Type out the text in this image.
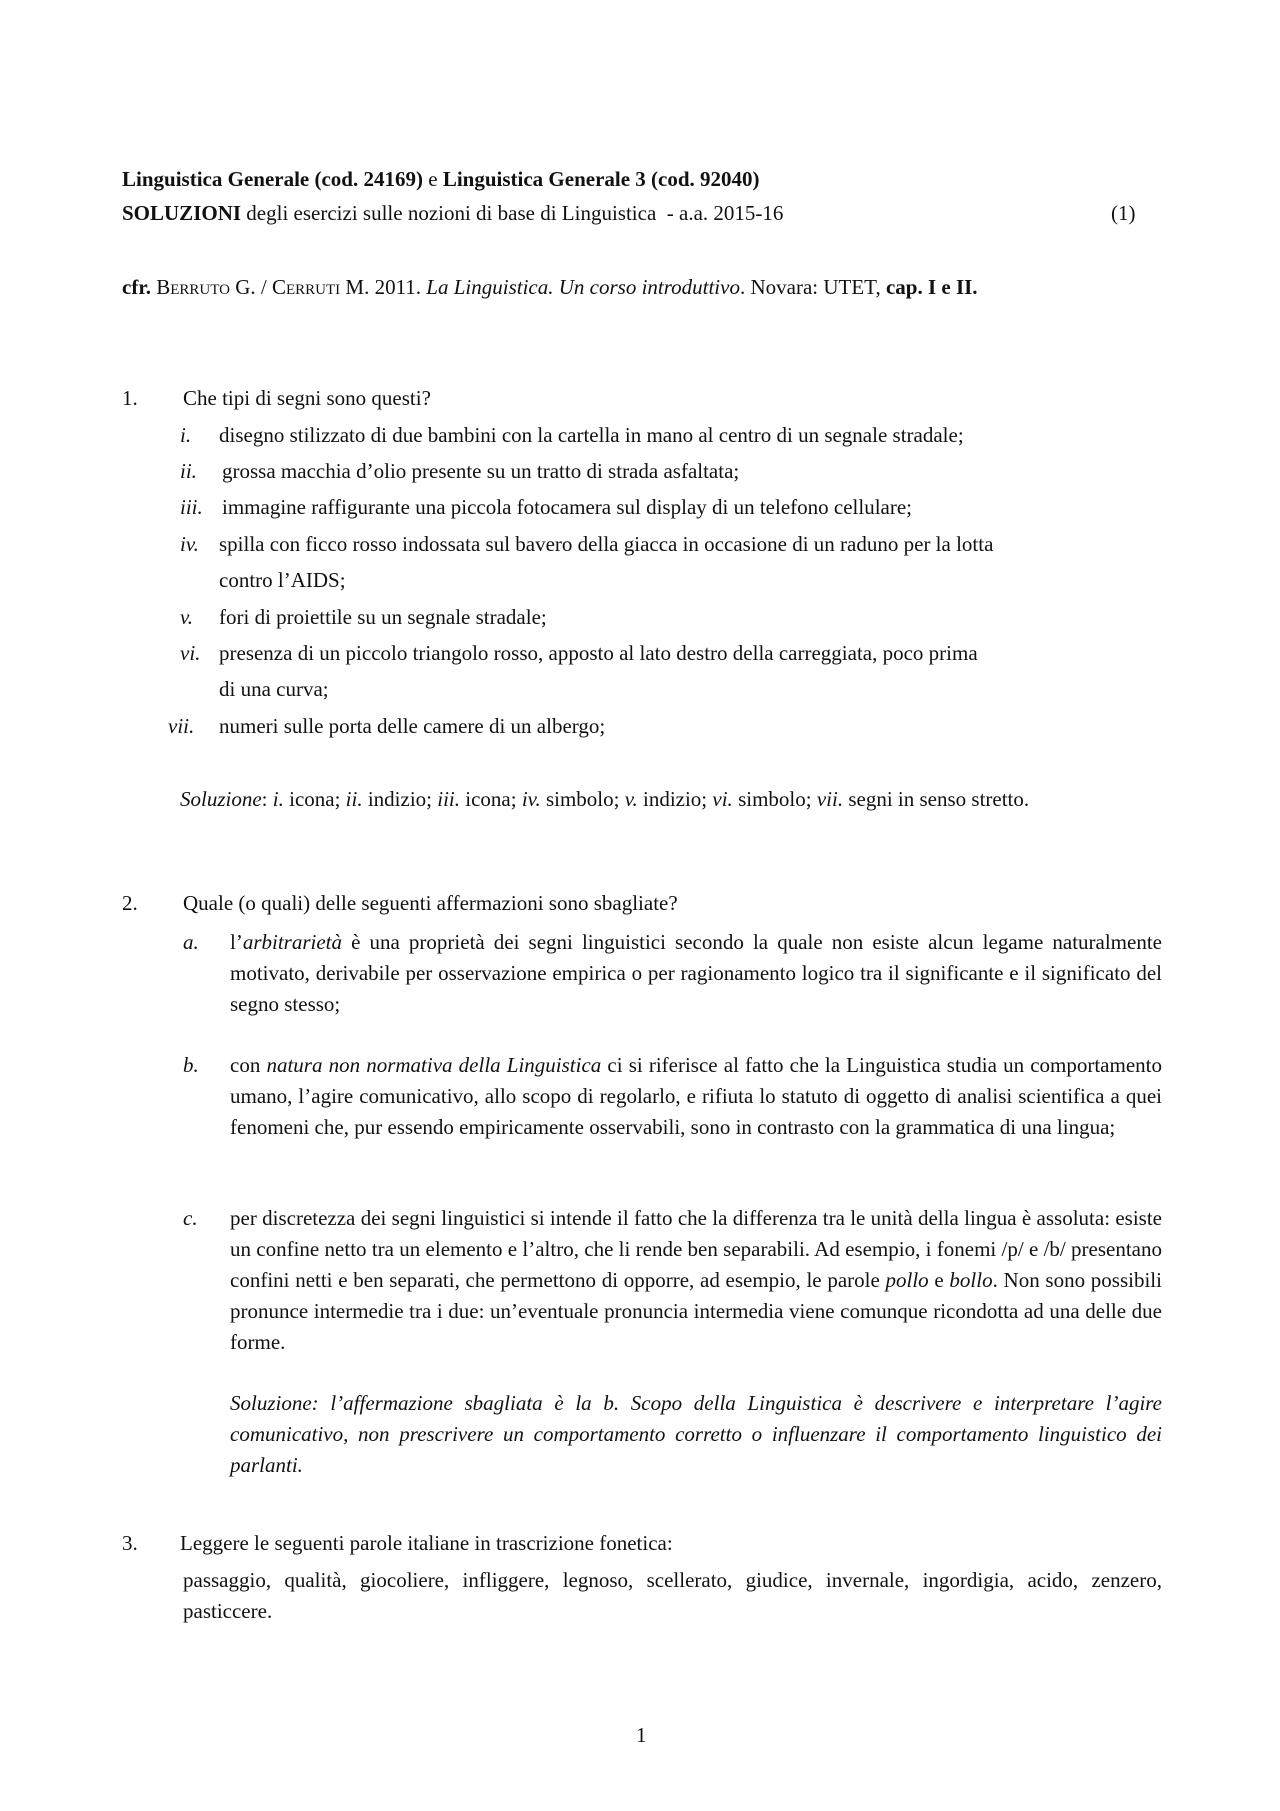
Linguistica Generale (cod. 24169) e Linguistica Generale 3 (cod. 92040)
SOLUZIONI degli esercizi sulle nozioni di base di Linguistica  - a.a. 2015-16	(1)
cfr. Berruto G. / Cerruti M. 2011. La Linguistica. Un corso introduttivo. Novara: UTET, cap. I e II.
1. Che tipi di segni sono questi?
i. disegno stilizzato di due bambini con la cartella in mano al centro di un segnale stradale;
ii. grossa macchia d’olio presente su un tratto di strada asfaltata;
iii. immagine raffigurante una piccola fotocamera sul display di un telefono cellulare;
iv. spilla con ficco rosso indossata sul bavero della giacca in occasione di un raduno per la lotta
contro l’AIDS;
v. fori di proiettile su un segnale stradale;
vi. presenza di un piccolo triangolo rosso, apposto al lato destro della carreggiata, poco prima
di una curva;
vii. numeri sulle porta delle camere di un albergo;
Soluzione: i. icona; ii. indizio; iii. icona; iv. simbolo; v. indizio; vi. simbolo; vii. segni in senso stretto.
2. Quale (o quali) delle seguenti affermazioni sono sbagliate?
a. l’arbitrarietà è una proprietà dei segni linguistici secondo la quale non esiste alcun legame naturalmente motivato, derivabile per osservazione empirica o per ragionamento logico tra il significante e il significato del segno stesso;
b. con natura non normativa della Linguistica ci si riferisce al fatto che la Linguistica studia un comportamento umano, l’agire comunicativo, allo scopo di regolarlo, e rifiuta lo statuto di oggetto di analisi scientifica a quei fenomeni che, pur essendo empiricamente osservabili, sono in contrasto con la grammatica di una lingua;
c. per discretezza dei segni linguistici si intende il fatto che la differenza tra le unità della lingua è assoluta: esiste un confine netto tra un elemento e l’altro, che li rende ben separabili. Ad esempio, i fonemi /p/ e /b/ presentano confini netti e ben separati, che permettono di opporre, ad esempio, le parole pollo e bollo. Non sono possibili pronunce intermedie tra i due: un’eventuale pronuncia intermedia viene comunque ricondotta ad una delle due forme.
Soluzione: l’affermazione sbagliata è la b. Scopo della Linguistica è descrivere e interpretare l’agire comunicativo, non prescrivere un comportamento corretto o influenzare il comportamento linguistico dei parlanti.
3. Leggere le seguenti parole italiane in trascrizione fonetica:
passaggio, qualità, giocoliere, infliggere, legnoso, scellerato, giudice, invernale, ingordigia, acido, zenzero, pasticcere.
1
